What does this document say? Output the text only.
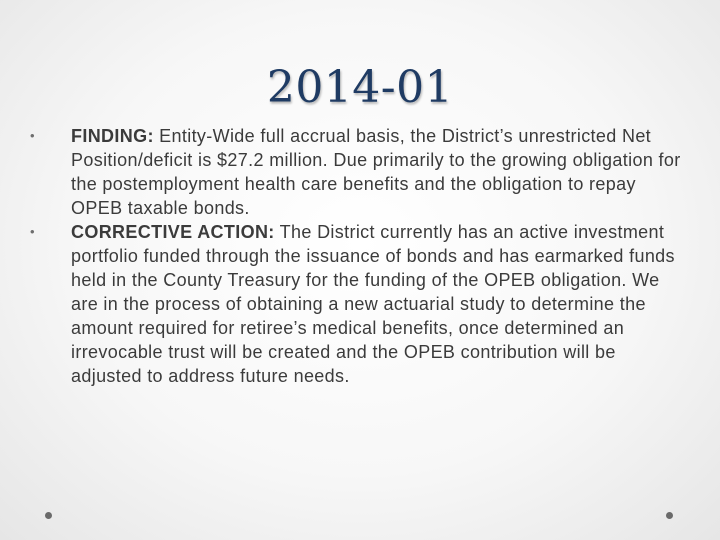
2014-01
•	FINDING: Entity-Wide full accrual basis, the District’s unrestricted Net Position/deficit is $27.2 million. Due primarily to the growing obligation for the postemployment health care benefits and the obligation to repay OPEB taxable bonds.
•	CORRECTIVE ACTION: The District currently has an active investment portfolio funded through the issuance of bonds and has earmarked funds held in the County Treasury for the funding of the OPEB obligation. We are in the process of obtaining a new actuarial study to determine the amount required for retiree’s medical benefits, once determined an irrevocable trust will be created and the OPEB contribution will be adjusted to address future needs.
